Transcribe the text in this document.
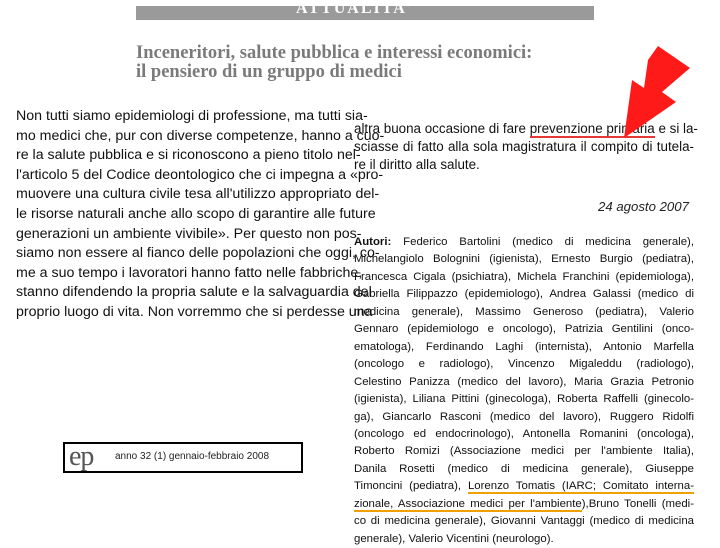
ATTUALITA'
Inceneritori, salute pubblica e interessi economici:
il pensiero di un gruppo di medici
Non tutti siamo epidemiologi di professione, ma tutti sia-
mo medici che, pur con diverse competenze, hanno a cuo-
re la salute pubblica e si riconoscono a pieno titolo nel-
l'articolo 5 del Codice deontologico che ci impegna a «pro-
muovere una cultura civile tesa all'utilizzo appropriato del-
le risorse naturali anche allo scopo di garantire alle future
generazioni un ambiente vivibile». Per questo non pos-
siamo non essere al fianco delle popolazioni che oggi, co-
me a suo tempo i lavoratori hanno fatto nelle fabbriche,
stanno difendendo la propria salute e la salvaguardia del
proprio luogo di vita. Non vorremmo che si perdesse una
altra buona occasione di fare prevenzione primaria e si la-
sciasse di fatto alla sola magistratura il compito di tutela-
re il diritto alla salute.
24 agosto 2007
Autori: Federico Bartolini (medico di medicina generale),
Michelangiolo Bolognini (igienista), Ernesto Burgio (pediatra),
Francesca Cigala (psichiatra), Michela Franchini (epidemiologa),
Gabriella Filippazzo (epidemiologo), Andrea Galassi (medico di
medicina generale), Massimo Generoso (pediatra), Valerio
Gennaro (epidemiologo e oncologo), Patrizia Gentilini (onco-
ematologa), Ferdinando Laghi (internista), Antonio Marfella
(oncologo e radiologo), Vincenzo Migaleddu (radiologo),
Celestino Panizza (medico del lavoro), Maria Grazia Petronio
(igienista), Liliana Pittini (ginecologa), Roberta Raffelli (ginecolo-
ga), Giancarlo Rasconi (medico del lavoro), Ruggero Ridolfi
(oncologo ed endocrinologo), Antonella Romanini (oncologa),
Roberto Romizi (Associazione medici per l'ambiente Italia),
Danila Rosetti (medico di medicina generale), Giuseppe
Timoncini (pediatra), Lorenzo Tomatis (IARC; Comitato interna-
zionale, Associazione medici per l'ambiente),Bruno Tonelli (medi-
co di medicina generale), Giovanni Vantaggi (medico di medicina
generale), Valerio Vicentini (neurologo).
ep anno 32 (1) gennaio-febbraio 2008
